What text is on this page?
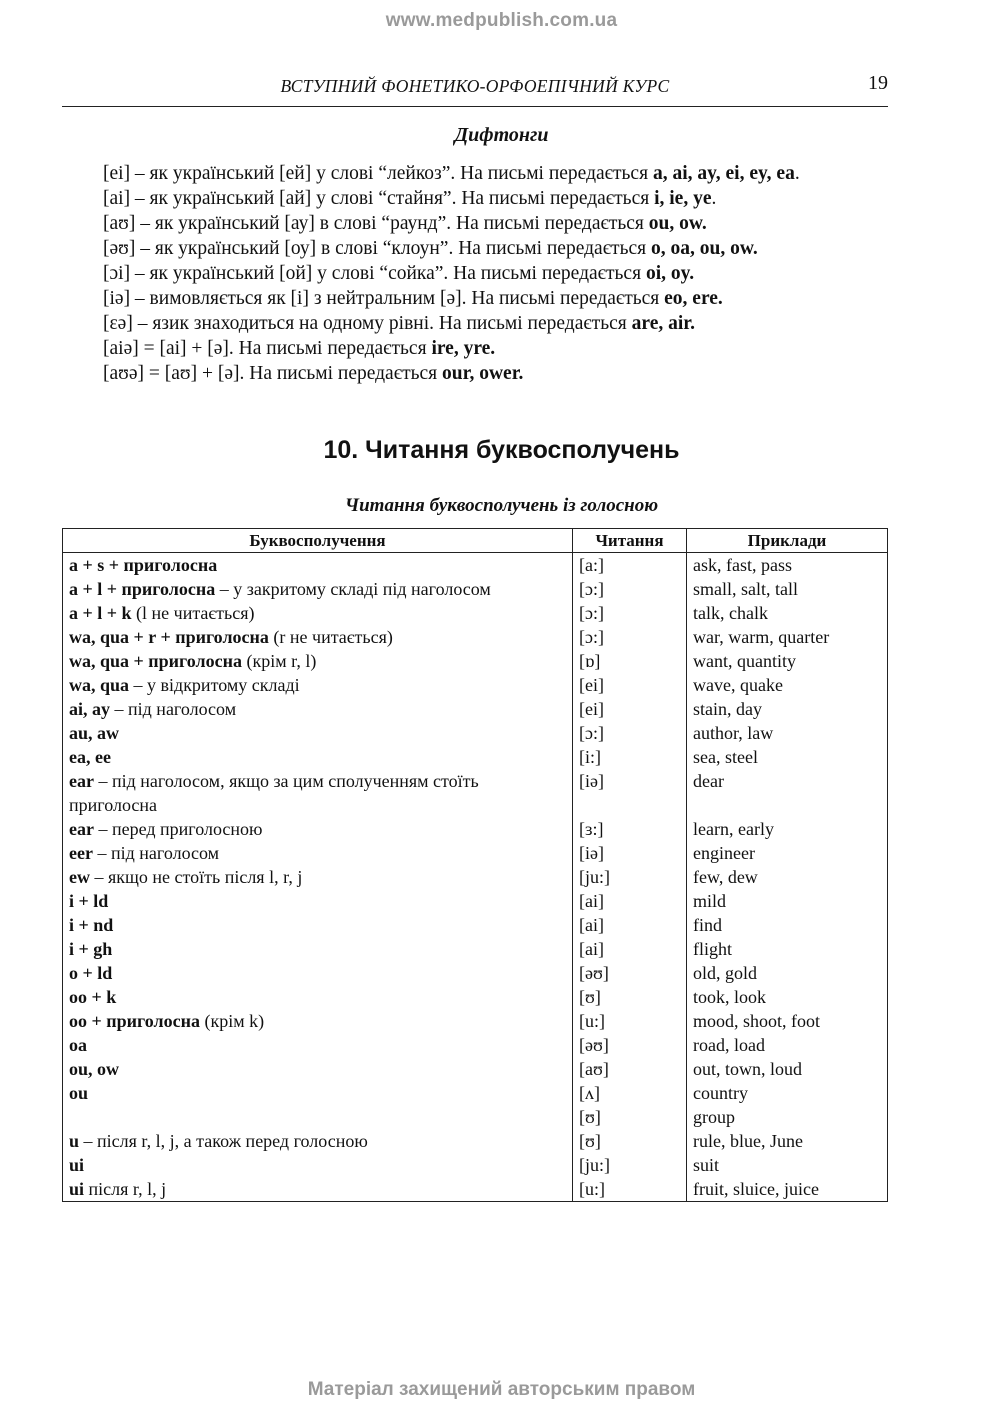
www.medpublish.com.ua
ВСТУПНИЙ ФОНЕТИКО-ОРФОЕПІЧНИЙ КУРС	19
Дифтонги
[ei] – як український [ей] у слові “лейкоз”. На письмі передається a, ai, ay, ei, ey, ea.
[ai] – як український [ай] у слові “стайня”. На письмі передається i, ie, ye.
[aʊ] – як український [ау] в слові “раунд”. На письмі передається ou, ow.
[əʊ] – як український [оу] в слові “клоун”. На письмі передається o, oa, ou, ow.
[ɔi] – як український [ой] у слові “сойка”. На письмі передається oi, oy.
[iə] – вимовляється як [i] з нейтральним [ə]. На письмі передається eo, ere.
[ɛə] – язик знаходиться на одному рівні. На письмі передається are, air.
[aiə] = [ai] + [ə]. На письмі передається ire, yre.
[aʊə] = [aʊ] + [ə]. На письмі передається our, ower.
10. Читання буквосполучень
Читання буквосполучень із голосною
Буквосполучення	Читання	Приклади
a + s + приголосна	[a:]	ask, fast, pass
a + l + приголосна – у закритому складі під наголосом	[ɔ:]	small, salt, tall
a + l + k (l не читається)	[ɔ:]	talk, chalk
wa, qua + r + приголосна (r не читається)	[ɔ:]	war, warm, quarter
wa, qua + приголосна (крім r, l)	[ɒ]	want, quantity
wa, qua – у відкритому складі	[ei]	wave, quake
ai, ay – під наголосом	[ei]	stain, day
au, aw	[ɔ:]	author, law
ea, ee	[i:]	sea, steel
ear – під наголосом, якщо за цим сполученням стоїть приголосна	[iə]	dear
ear – перед приголосною	[ɜ:]	learn, early
eer – під наголосом	[iə]	engineer
ew – якщо не стоїть після l, r, j	[ju:]	few, dew
i + ld	[ai]	mild
i + nd	[ai]	find
i + gh	[ai]	flight
o + ld	[əʊ]	old, gold
oo + k	[ʊ]	took, look
oo + приголосна (крім k)	[u:]	mood, shoot, foot
oa	[əʊ]	road, load
ou, ow	[aʊ]	out, town, loud
ou	[ʌ]	country
	[ʊ]	group
u – після r, l, j, а також перед голосною	[ʊ]	rule, blue, June
ui	[ju:]	suit
ui після r, l, j	[u:]	fruit, sluice, juice
Матеріал захищений авторським правом
